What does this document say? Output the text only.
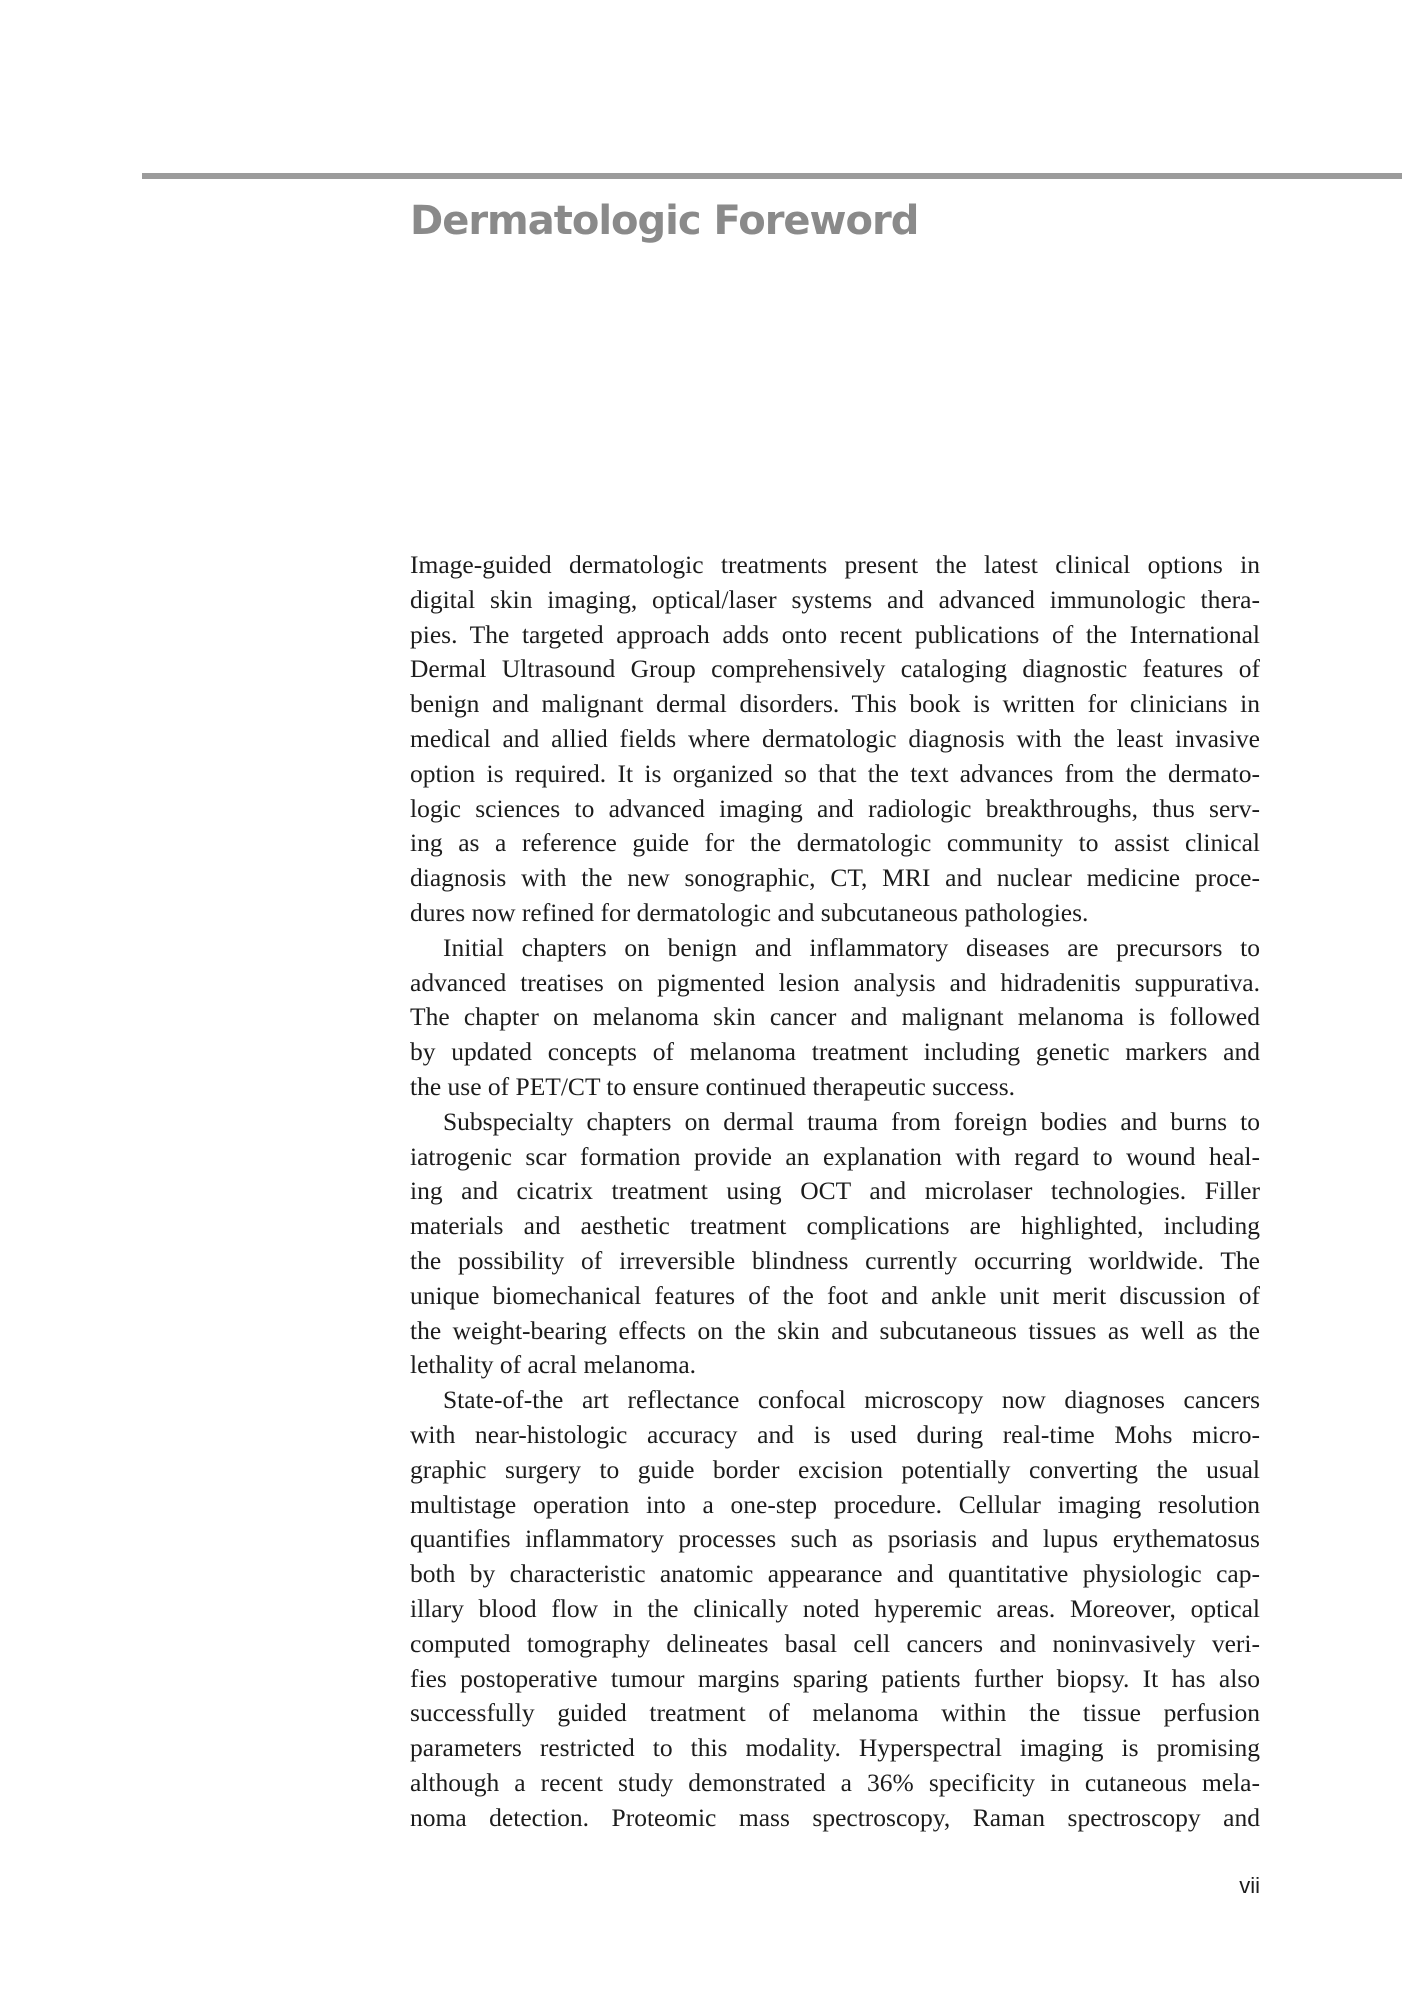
Dermatologic Foreword
Image-guided dermatologic treatments present the latest clinical options in
digital skin imaging, optical/laser systems and advanced immunologic thera-
pies. The targeted approach adds onto recent publications of the International
Dermal Ultrasound Group comprehensively cataloging diagnostic features of
benign and malignant dermal disorders. This book is written for clinicians in
medical and allied fields where dermatologic diagnosis with the least invasive
option is required. It is organized so that the text advances from the dermato-
logic sciences to advanced imaging and radiologic breakthroughs, thus serv-
ing as a reference guide for the dermatologic community to assist clinical
diagnosis with the new sonographic, CT, MRI and nuclear medicine proce-
dures now refined for dermatologic and subcutaneous pathologies.
Initial chapters on benign and inflammatory diseases are precursors to
advanced treatises on pigmented lesion analysis and hidradenitis suppurativa.
The chapter on melanoma skin cancer and malignant melanoma is followed
by updated concepts of melanoma treatment including genetic markers and
the use of PET/CT to ensure continued therapeutic success.
Subspecialty chapters on dermal trauma from foreign bodies and burns to
iatrogenic scar formation provide an explanation with regard to wound heal-
ing and cicatrix treatment using OCT and microlaser technologies. Filler
materials and aesthetic treatment complications are highlighted, including
the possibility of irreversible blindness currently occurring worldwide. The
unique biomechanical features of the foot and ankle unit merit discussion of
the weight-bearing effects on the skin and subcutaneous tissues as well as the
lethality of acral melanoma.
State-of-the art reflectance confocal microscopy now diagnoses cancers
with near-histologic accuracy and is used during real-time Mohs micro-
graphic surgery to guide border excision potentially converting the usual
multistage operation into a one-step procedure. Cellular imaging resolution
quantifies inflammatory processes such as psoriasis and lupus erythematosus
both by characteristic anatomic appearance and quantitative physiologic cap-
illary blood flow in the clinically noted hyperemic areas. Moreover, optical
computed tomography delineates basal cell cancers and noninvasively veri-
fies postoperative tumour margins sparing patients further biopsy. It has also
successfully guided treatment of melanoma within the tissue perfusion
parameters restricted to this modality. Hyperspectral imaging is promising
although a recent study demonstrated a 36% specificity in cutaneous mela-
noma detection. Proteomic mass spectroscopy, Raman spectroscopy and
vii
